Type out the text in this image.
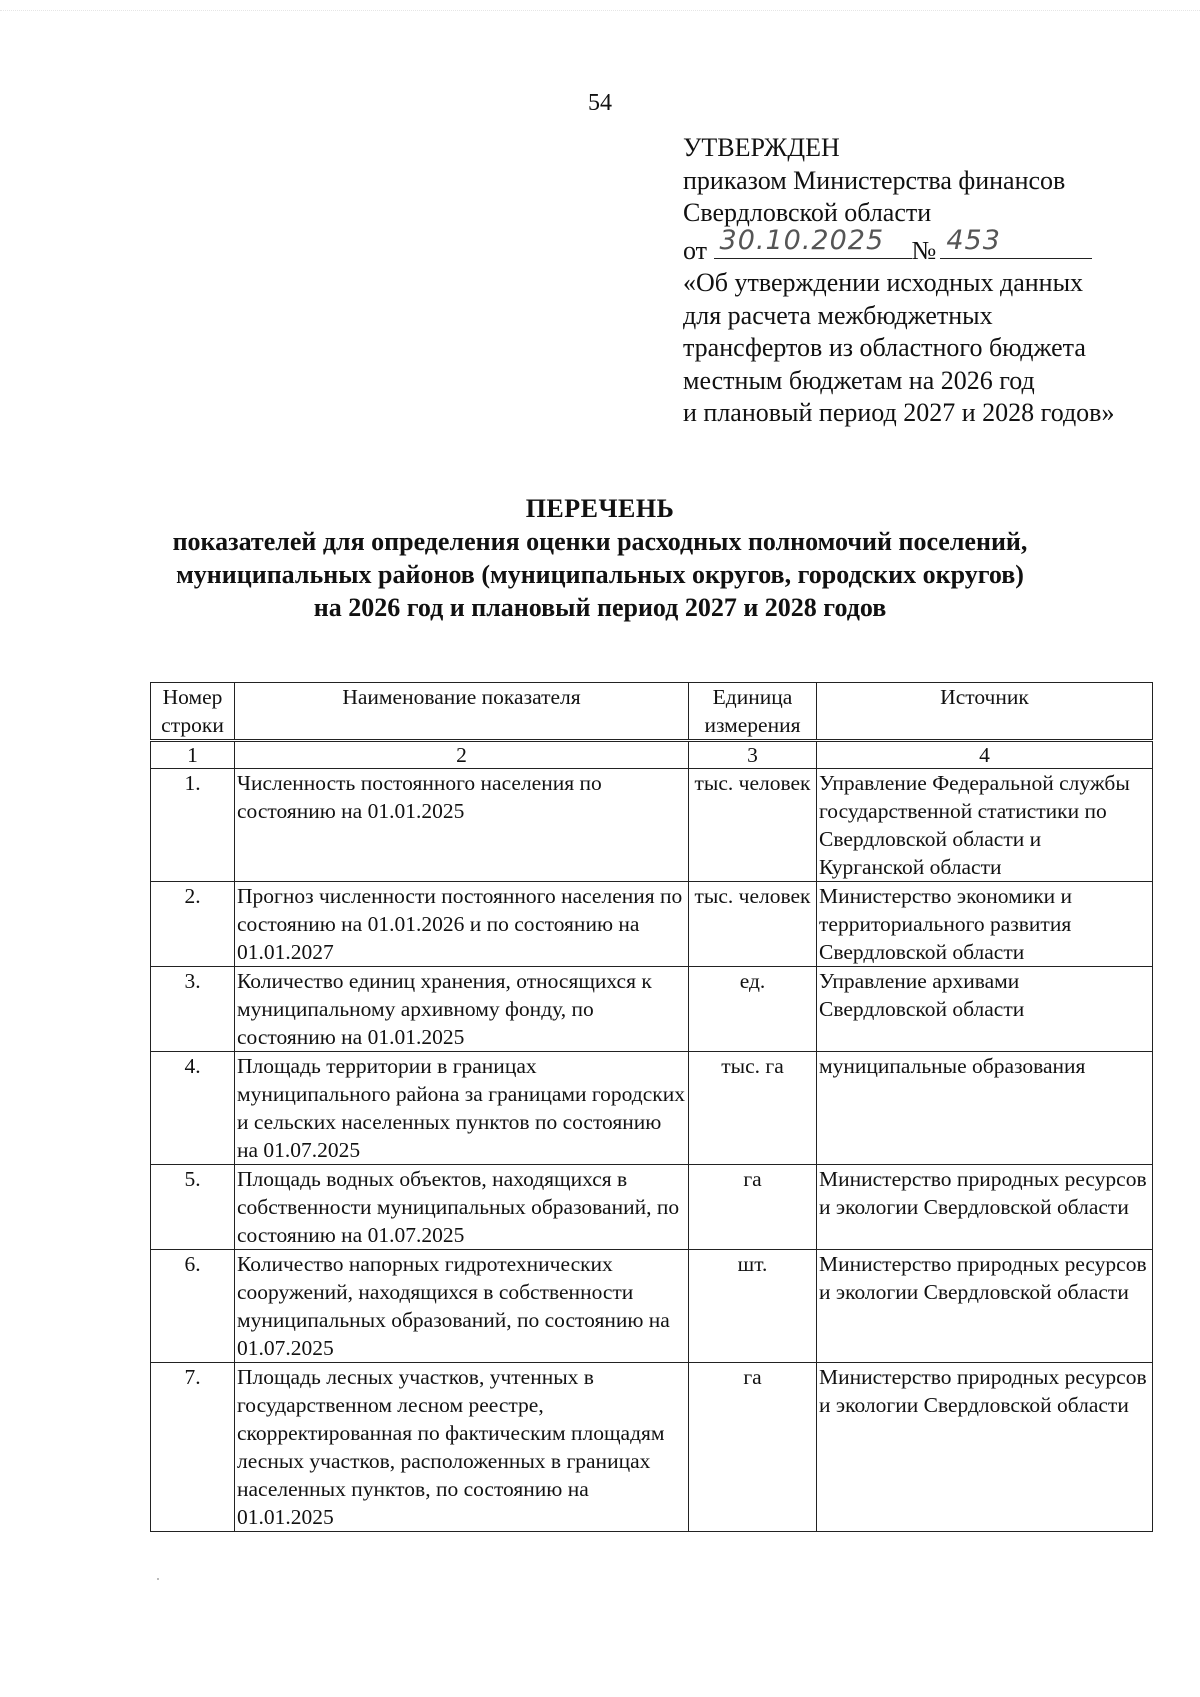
54
УТВЕРЖДЕН
приказом Министерства финансов
Свердловской области
от 30.10.2025 № 453
«Об утверждении исходных данных
для расчета межбюджетных
трансфертов из областного бюджета
местным бюджетам на 2026 год
и плановый период 2027 и 2028 годов»
ПЕРЕЧЕНЬ
показателей для определения оценки расходных полномочий поселений,
муниципальных районов (муниципальных округов, городских округов)
на 2026 год и плановый период 2027 и 2028 годов
Номер строки	Наименование показателя	Единица измерения	Источник
1	2	3	4
1.	Численность постоянного населения по состоянию на 01.01.2025	тыс. человек	Управление Федеральной службы государственной статистики по Свердловской области и Курганской области
2.	Прогноз численности постоянного населения по состоянию на 01.01.2026 и по состоянию на 01.01.2027	тыс. человек	Министерство экономики и территориального развития Свердловской области
3.	Количество единиц хранения, относящихся к муниципальному архивному фонду, по состоянию на 01.01.2025	ед.	Управление архивами Свердловской области
4.	Площадь территории в границах муниципального района за границами городских и сельских населенных пунктов по состоянию на 01.07.2025	тыс. га	муниципальные образования
5.	Площадь водных объектов, находящихся в собственности муниципальных образований, по состоянию на 01.07.2025	га	Министерство природных ресурсов и экологии Свердловской области
6.	Количество напорных гидротехнических сооружений, находящихся в собственности муниципальных образований, по состоянию на 01.07.2025	шт.	Министерство природных ресурсов и экологии Свердловской области
7.	Площадь лесных участков, учтенных в государственном лесном реестре, скорректированная по фактическим площадям лесных участков, расположенных в границах населенных пунктов, по состоянию на 01.01.2025	га	Министерство природных ресурсов и экологии Свердловской области
